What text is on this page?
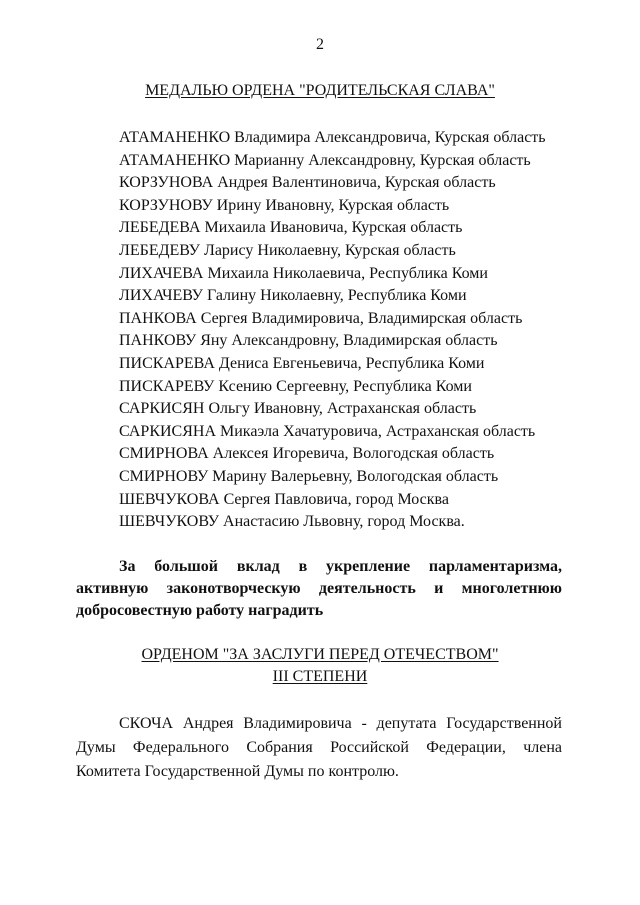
2
МЕДАЛЬЮ ОРДЕНА "РОДИТЕЛЬСКАЯ СЛАВА"
АТАМАНЕНКО Владимира Александровича, Курская область
АТАМАНЕНКО Марианну Александровну, Курская область
КОРЗУНОВА Андрея Валентиновича, Курская область
КОРЗУНОВУ Ирину Ивановну, Курская область
ЛЕБЕДЕВА Михаила Ивановича, Курская область
ЛЕБЕДЕВУ Ларису Николаевну, Курская область
ЛИХАЧЕВА Михаила Николаевича, Республика Коми
ЛИХАЧЕВУ Галину Николаевну, Республика Коми
ПАНКОВА Сергея Владимировича, Владимирская область
ПАНКОВУ Яну Александровну, Владимирская область
ПИСКАРЕВА Дениса Евгеньевича, Республика Коми
ПИСКАРЕВУ Ксению Сергеевну, Республика Коми
САРКИСЯН Ольгу Ивановну, Астраханская область
САРКИСЯНА Микаэла Хачатуровича, Астраханская область
СМИРНОВА Алексея Игоревича, Вологодская область
СМИРНОВУ Марину Валерьевну, Вологодская область
ШЕВЧУКОВА Сергея Павловича, город Москва
ШЕВЧУКОВУ Анастасию Львовну, город Москва.
За большой вклад в укрепление парламентаризма,
активную законотворческую деятельность и многолетнюю
добросовестную работу наградить
ОРДЕНОМ "ЗА ЗАСЛУГИ ПЕРЕД ОТЕЧЕСТВОМ"
III СТЕПЕНИ
СКОЧА Андрея Владимировича - депутата Государственной
Думы Федерального Собрания Российской Федерации, члена
Комитета Государственной Думы по контролю.
